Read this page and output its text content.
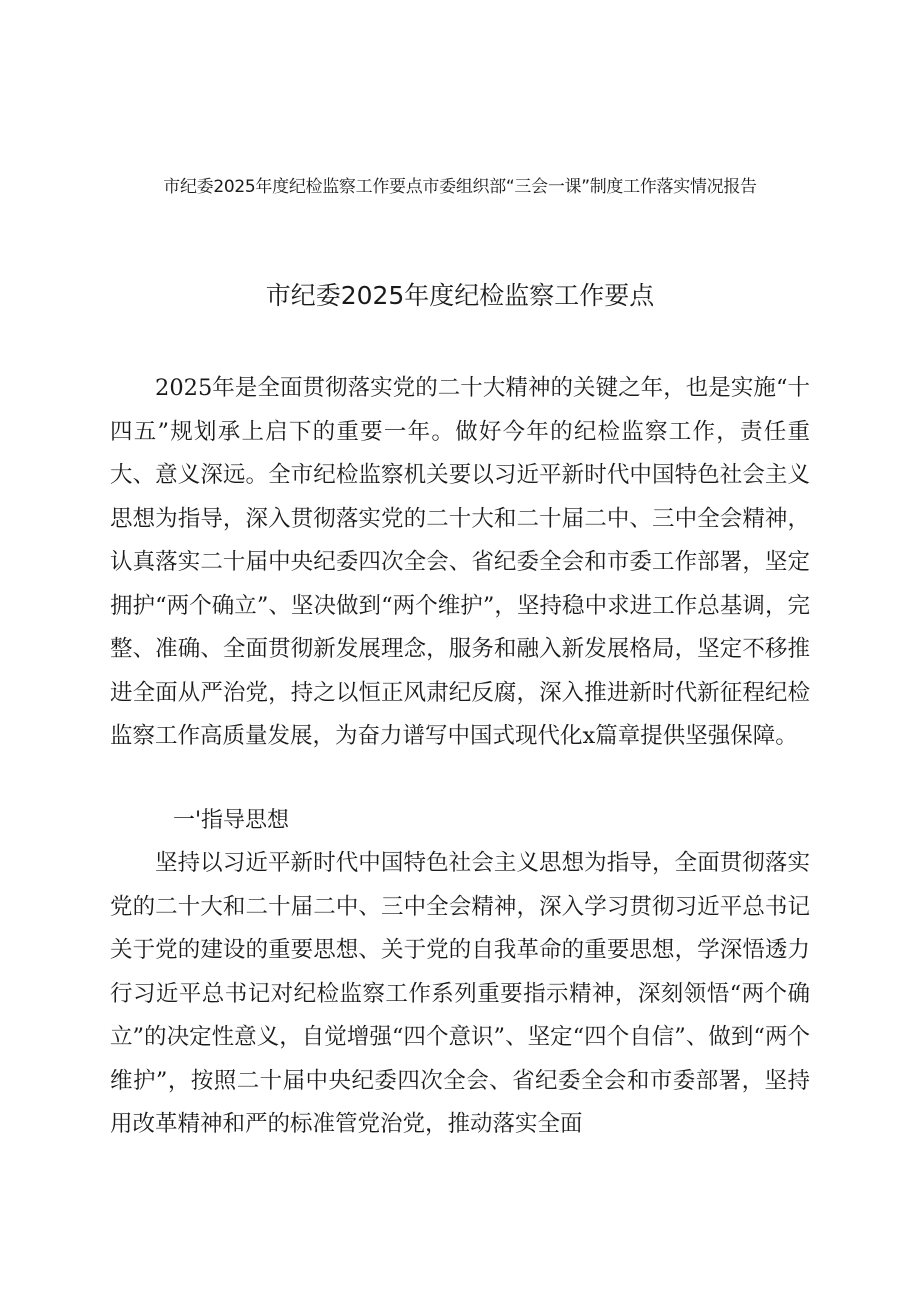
市纪委2025年度纪检监察工作要点市委组织部“三会一课”制度工作落实情况报告
市纪委2025年度纪检监察工作要点
2025年是全面贯彻落实党的二十大精神的关键之年，也是实施“十四五”规划承上启下的重要一年。做好今年的纪检监察工作，责任重大、意义深远。全市纪检监察机关要以习近平新时代中国特色社会主义思想为指导，深入贯彻落实党的二十大和二十届二中、三中全会精神，认真落实二十届中央纪委四次全会、省纪委全会和市委工作部署，坚定拥护“两个确立”、坚决做到“两个维护”，坚持稳中求进工作总基调，完整、准确、全面贯彻新发展理念，服务和融入新发展格局，坚定不移推进全面从严治党，持之以恒正风肃纪反腐，深入推进新时代新征程纪检监察工作高质量发展，为奋力谱写中国式现代化x篇章提供坚强保障。
一'指导思想
坚持以习近平新时代中国特色社会主义思想为指导，全面贯彻落实党的二十大和二十届二中、三中全会精神，深入学习贯彻习近平总书记关于党的建设的重要思想、关于党的自我革命的重要思想，学深悟透力行习近平总书记对纪检监察工作系列重要指示精神，深刻领悟“两个确立”的决定性意义，自觉增强“四个意识”、坚定“四个自信”、做到“两个维护”，按照二十届中央纪委四次全会、省纪委全会和市委部署，坚持用改革精神和严的标准管党治党，推动落实全面
